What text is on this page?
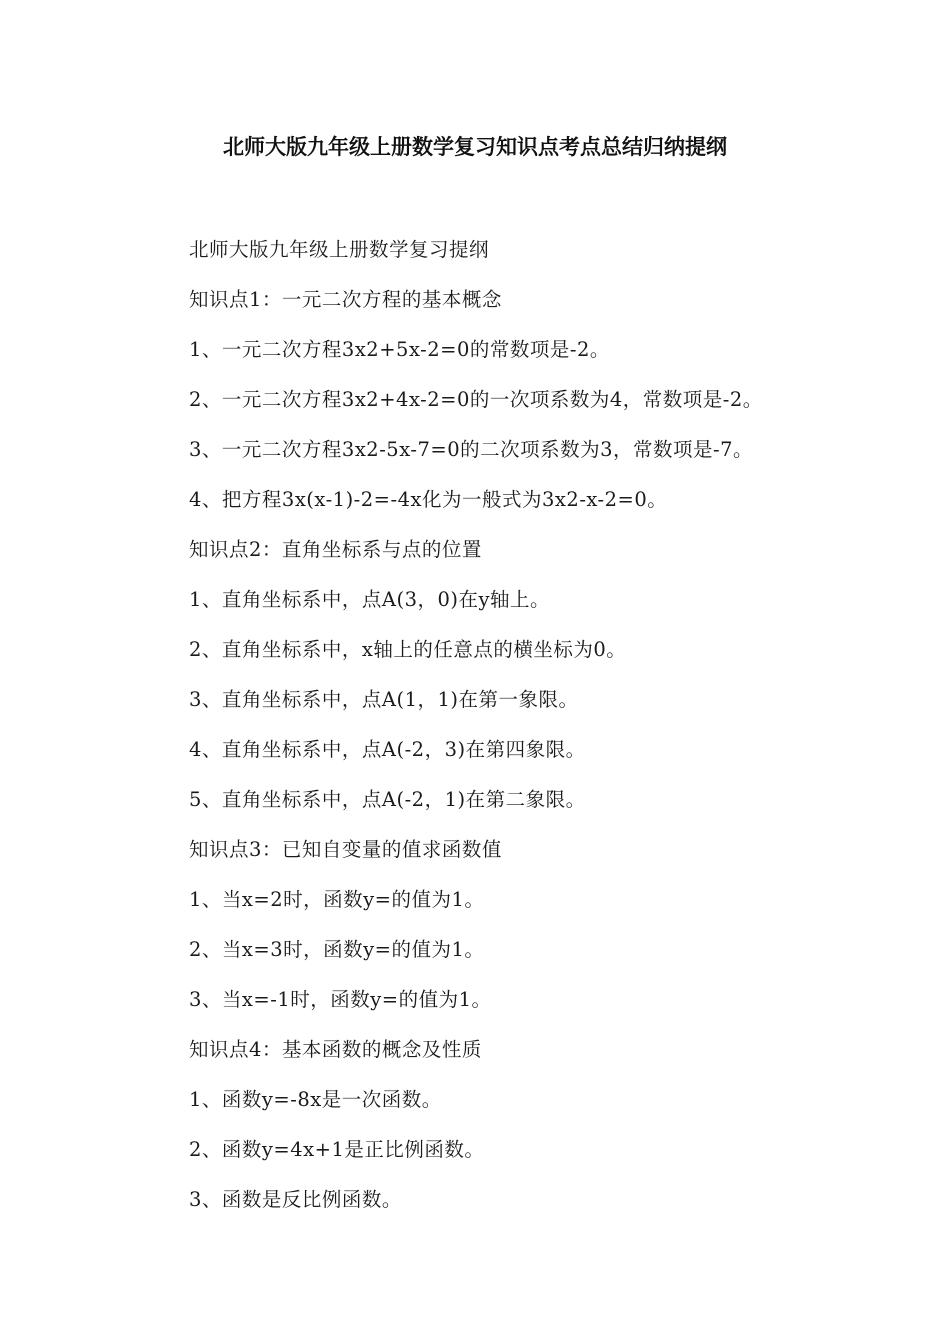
北师大版九年级上册数学复习知识点考点总结归纳提纲
北师大版九年级上册数学复习提纲
知识点1：一元二次方程的基本概念
1、一元二次方程3x2+5x-2=0的常数项是-2。
2、一元二次方程3x2+4x-2=0的一次项系数为4，常数项是-2。
3、一元二次方程3x2-5x-7=0的二次项系数为3，常数项是-7。
4、把方程3x(x-1)-2=-4x化为一般式为3x2-x-2=0。
知识点2：直角坐标系与点的位置
1、直角坐标系中，点A(3，0)在y轴上。
2、直角坐标系中，x轴上的任意点的横坐标为0。
3、直角坐标系中，点A(1，1)在第一象限。
4、直角坐标系中，点A(-2，3)在第四象限。
5、直角坐标系中，点A(-2，1)在第二象限。
知识点3：已知自变量的值求函数值
1、当x=2时，函数y=的值为1。
2、当x=3时，函数y=的值为1。
3、当x=-1时，函数y=的值为1。
知识点4：基本函数的概念及性质
1、函数y=-8x是一次函数。
2、函数y=4x+1是正比例函数。
3、函数是反比例函数。
